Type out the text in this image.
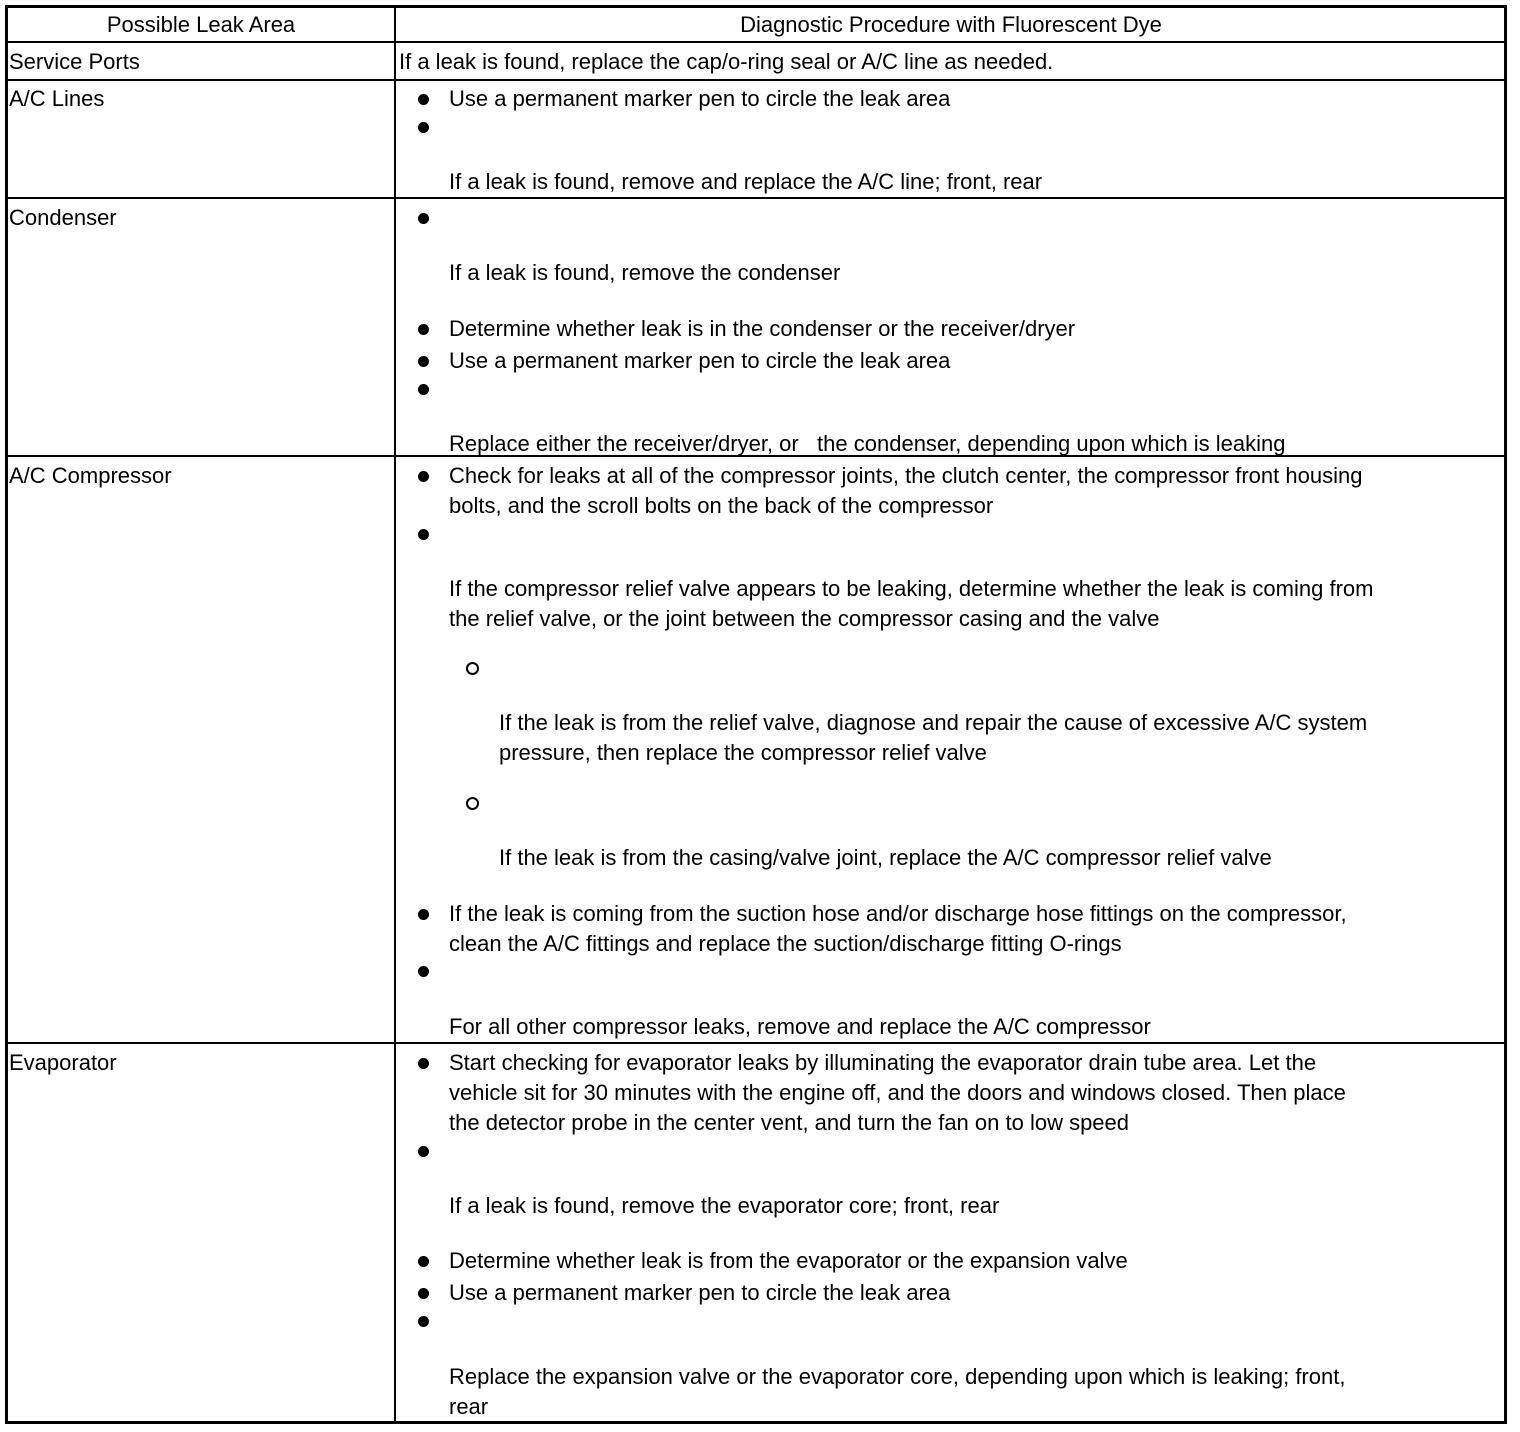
Possible Leak Area	Diagnostic Procedure with Fluorescent Dye
Service Ports
A/C Lines
Condenser
A/C Compressor
Evaporator
If a leak is found, replace the cap/o-ring seal or A/C line as needed.
Use a permanent marker pen to circle the leak area
If a leak is found, remove and replace the A/C line; front, rear
If a leak is found, remove the condenser
Determine whether leak is in the condenser or the receiver/dryer
Use a permanent marker pen to circle the leak area
Replace either the receiver/dryer, or   the condenser, depending upon which is leaking
Check for leaks at all of the compressor joints, the clutch center, the compressor front housing
bolts, and the scroll bolts on the back of the compressor
If the compressor relief valve appears to be leaking, determine whether the leak is coming from
the relief valve, or the joint between the compressor casing and the valve
If the leak is from the relief valve, diagnose and repair the cause of excessive A/C system
pressure, then replace the compressor relief valve
If the leak is from the casing/valve joint, replace the A/C compressor relief valve
If the leak is coming from the suction hose and/or discharge hose fittings on the compressor,
clean the A/C fittings and replace the suction/discharge fitting O-rings
For all other compressor leaks, remove and replace the A/C compressor
Start checking for evaporator leaks by illuminating the evaporator drain tube area. Let the
vehicle sit for 30 minutes with the engine off, and the doors and windows closed. Then place
the detector probe in the center vent, and turn the fan on to low speed
If a leak is found, remove the evaporator core; front, rear
Determine whether leak is from the evaporator or the expansion valve
Use a permanent marker pen to circle the leak area
Replace the expansion valve or the evaporator core, depending upon which is leaking; front,
rear
